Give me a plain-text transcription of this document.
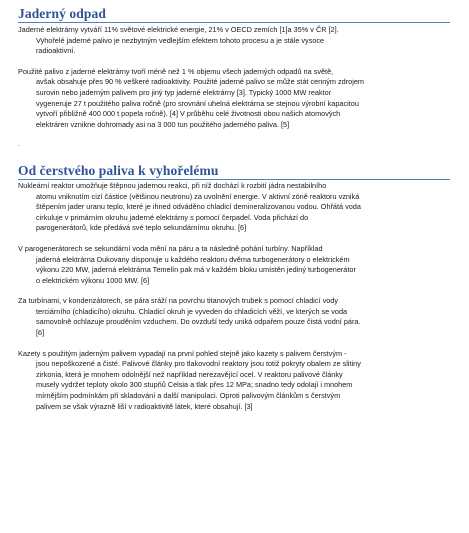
Jaderný odpad

Jaderné elektrárny vytváří 11% světové elektrické energie, 21% v OECD zemích [1]a 35% v ČR [2].
Vyhořelé jaderné palivo je nezbytným vedlejším efektem tohoto procesu a je stále vysoce
radioaktivní.

Použité palivo z jaderné elektrárny tvoří méně než 1 % objemu všech jaderných odpadů na světě,
avšak obsahuje přes 90 % veškeré radioaktivity. Použité jaderné palivo se může stát cenným zdrojem
surovin nebo jaderným palivem pro jiný typ jaderné elektrárny [3]. Typický 1000 MW reaktor
vygeneruje 27 t použitého paliva ročně (pro srovnání uhelná elektrárna se stejnou výrobní kapacitou
vytvoří přibližně 400 000 t popela ročně). [4] V průběhu celé životnosti obou našich atomových
elektráren vznikne dohromady asi na 3 000 tun použitého jaderného paliva. [5]

.
Od čerstvého paliva k vyhořelému

Nukleární reaktor umožňuje štěpnou jadernou reakci, při níž dochází k rozbití jádra nestabilního
atomu vniknutím cizí částice (většinou neutronu) za uvolnění energie. V aktivní zóně reaktoru vzniká
štěpením jader uranu teplo, které je ihned odváděno chladicí demineralizovanou vodou. Ohřátá voda
cirkuluje v primárním okruhu jaderné elektrárny s pomocí čerpadel. Voda přichází do
parogenerátorů, kde předává své teplo sekundárnímu okruhu. [6]

V parogenerátorech se sekundární voda mění na páru a ta následně pohání turbíny. Například
jaderná elektrárna Dukovany disponuje u každého reaktoru dvěma turbogenerátory o elektrickém
výkonu 220 MW, jaderná elektrárna Temelín pak má v každém bloku umístěn jediný turbogenerátor
o elektrickém výkonu 1000 MW. [6]

Za turbínami, v kondenzátorech, se pára sráží na povrchu titanových trubek s pomocí chladicí vody
terciárního (chladicího) okruhu. Chladicí okruh je vyveden do chladicích věží, ve kterých se voda
samovolně ochlazuje prouděním vzduchem. Do ovzduší tedy uniká odpařem pouze čistá vodní pára.
[6]

Kazety s použitým jaderným palivem vypadají na první pohled stejně jako kazety s palivem čerstvým -
jsou nepoškozené a čisté. Palivové články pro tlakovodní reaktory jsou totiž pokryty obalem ze slitiny
zirkonia, která je mnohem odolnější než například nerezavějící ocel. V reaktoru palivové články
musely vydržet teploty okolo 300 stupňů Celsia a tlak přes 12 MPa; snadno tedy odolají i mnohem
mírnějším podmínkám při skladování a další manipulaci. Oproti palivovým článkům s čerstvým
palivem se však výrazně liší v radioaktivitě látek, které obsahují. [3]
